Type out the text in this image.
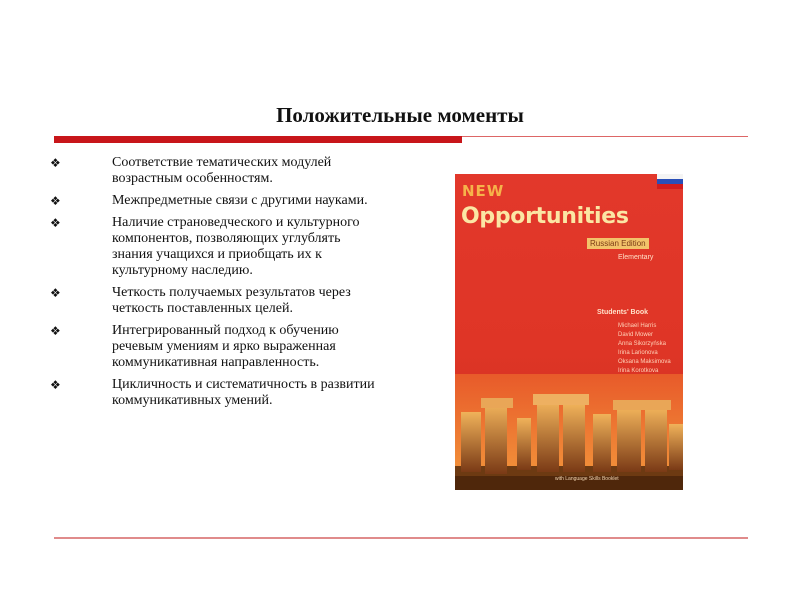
Положительные моменты
❖	Соответствие тематических модулей возрастным особенностям.
❖	Межпредметные связи с другими науками.
❖	Наличие страноведческого и культурного компонентов, позволяющих углублять знания учащихся и приобщать их к культурному наследию.
❖	Четкость получаемых результатов через         четкость поставленных целей.
❖	Интегрированный подход к обучению речевым умениям и ярко выраженная коммуникативная направленность.
❖	Цикличность и систематичность в развитии коммуникативных умений.
NEW
Opportunities
Russian Edition
Elementary
Students' Book
Michael Harris
David Mower
Anna Sikorzyńska
Irina Larionova
Oksana Maksimova
Irina Korotkova
with Language Skills Booklet
